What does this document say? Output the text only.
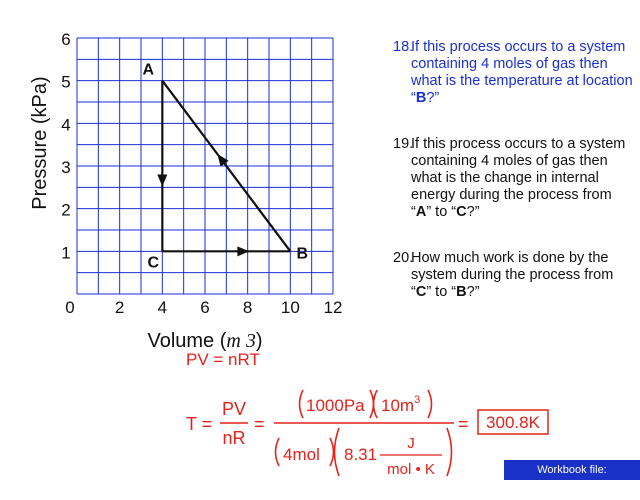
0 2 4 6 8 10 12
6
5
4
3
2
1
Pressure (kPa)
Volume (m 3)
A
B
C
18.
If this process occurs to a system containing 4 moles of gas then what is the temperature at location “B?”
19.
If this process occurs to a system containing 4 moles of gas then what is the change in internal energy during the process from “A” to “C?”
20.
How much work is done by the system during the process from “C” to “B?”
PV = nRT
T =
PV
nR
=
1000Pa $10m^3$
4mol 8.31
J
mol • K
= 300.8K
Workbook file: workbook.pdf
